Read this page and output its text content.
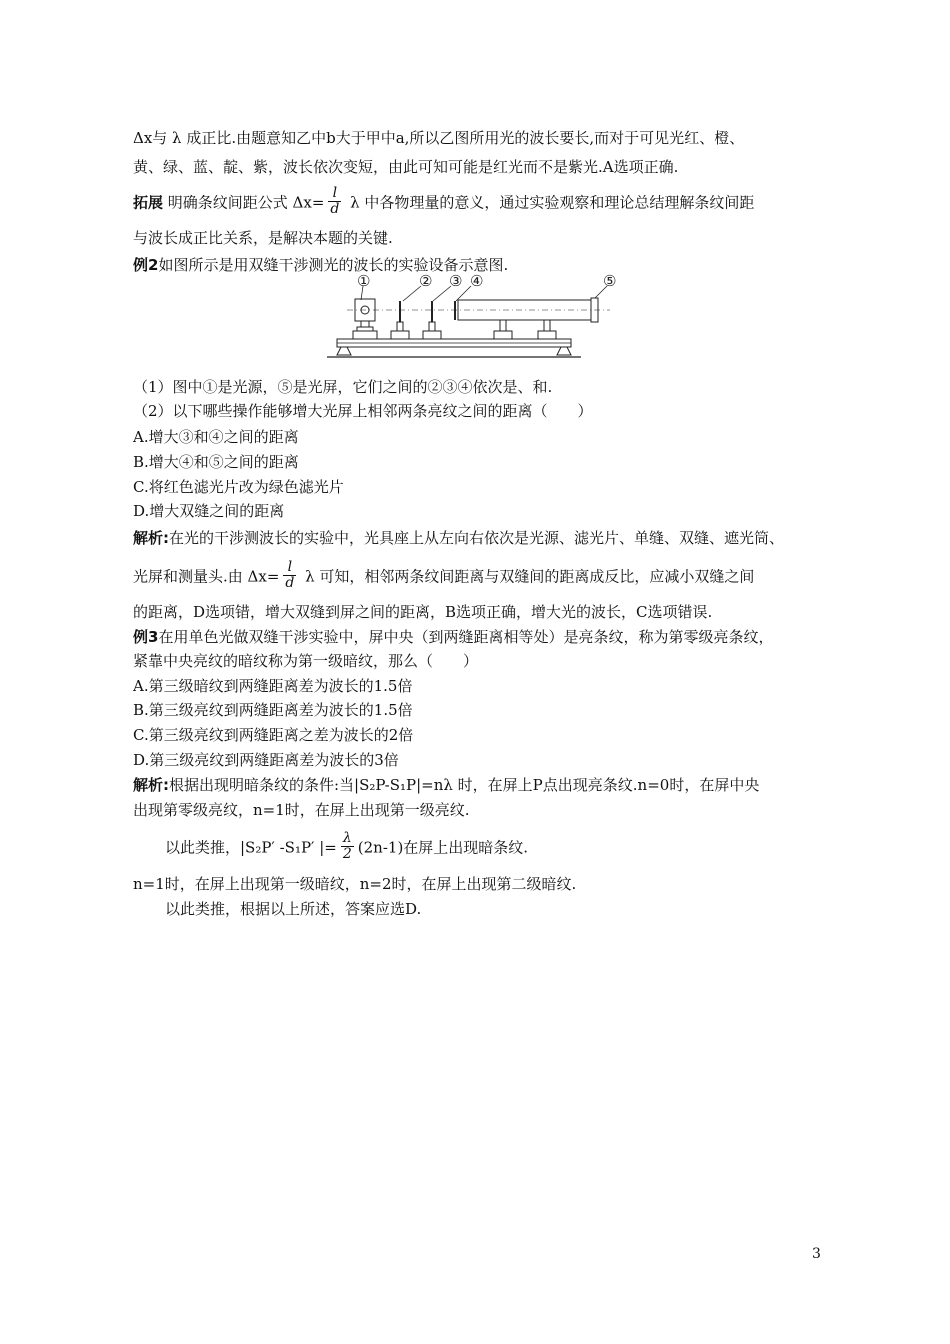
Δx与 λ 成正比.由题意知乙中b大于甲中a,所以乙图所用光的波长要长,而对于可见光红、橙、
黄、绿、蓝、靛、紫，波长依次变短，由此可知可能是红光而不是紫光.A选项正确.
拓展 明确条纹间距公式 $\Delta x= \frac{l}{d}$ λ 中各物理量的意义，通过实验观察和理论总结理解条纹间距
与波长成正比关系，是解决本题的关键.
例2如图所示是用双缝干涉测光的波长的实验设备示意图.
①	② ③ ④	⑤
（1）图中①是光源，⑤是光屏，它们之间的②③④依次是、和.
（2）以下哪些操作能够增大光屏上相邻两条亮纹之间的距离（　　）
A.增大③和④之间的距离
B.增大④和⑤之间的距离
C.将红色滤光片改为绿色滤光片
D.增大双缝之间的距离
解析:在光的干涉测波长的实验中，光具座上从左向右依次是光源、滤光片、单缝、双缝、遮光筒、
光屏和测量头.由 $\Delta x= \frac{l}{d}$ λ 可知，相邻两条纹间距离与双缝间的距离成反比，应减小双缝之间
的距离，D选项错，增大双缝到屏之间的距离，B选项正确，增大光的波长，C选项错误.
例3在用单色光做双缝干涉实验中，屏中央（到两缝距离相等处）是亮条纹，称为第零级亮条纹，
紧靠中央亮纹的暗纹称为第一级暗纹，那么（　　）
A.第三级暗纹到两缝距离差为波长的1.5倍
B.第三级亮纹到两缝距离差为波长的1.5倍
C.第三级亮纹到两缝距离之差为波长的2倍
D.第三级亮纹到两缝距离差为波长的3倍
解析:根据出现明暗条纹的条件:当|S₂P-S₁P|=nλ 时，在屏上P点出现亮条纹.n=0时，在屏中央
出现第零级亮纹，n=1时，在屏上出现第一级亮纹.
以此类推，|S₂P′ -S₁P′ |= $\frac{\lambda}{2} (2n-1)$在屏上出现暗条纹.
n=1时，在屏上出现第一级暗纹，n=2时，在屏上出现第二级暗纹.
以此类推，根据以上所述，答案应选D.
3
